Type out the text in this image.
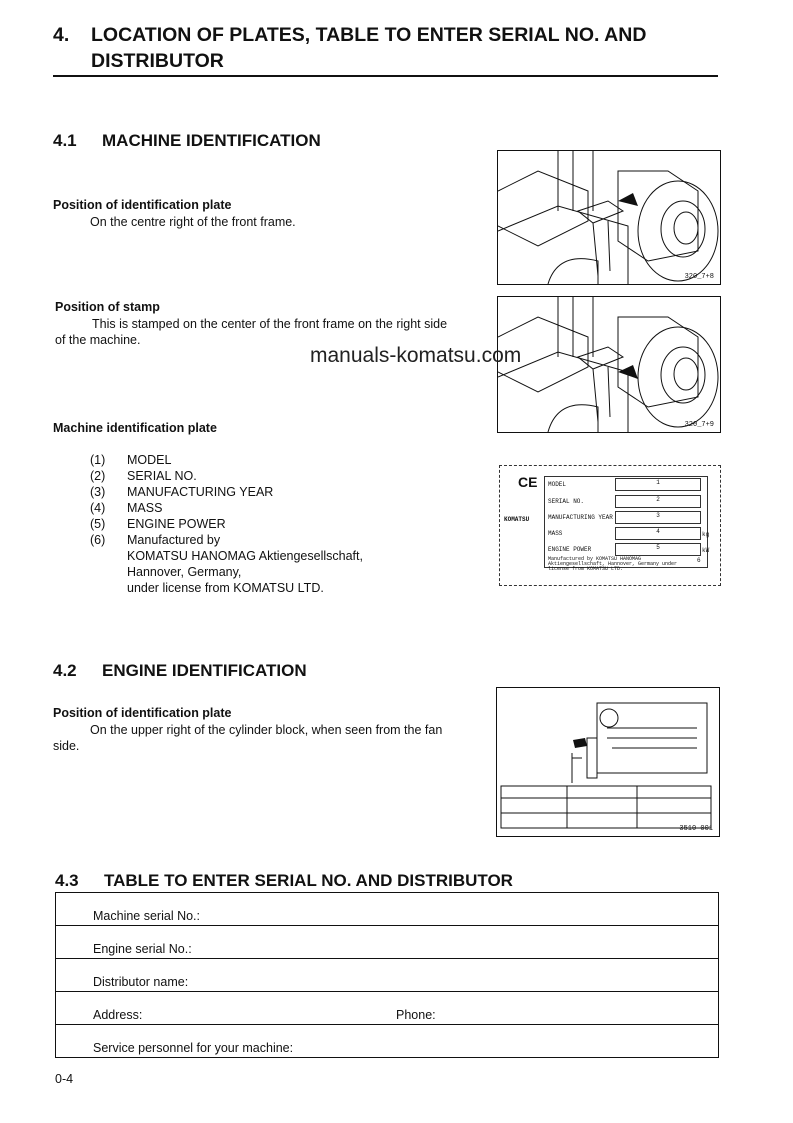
4. LOCATION OF PLATES, TABLE TO ENTER SERIAL NO. AND DISTRIBUTOR
4.1 MACHINE IDENTIFICATION
Position of identification plate
On the centre right of the front frame.
Position of stamp
This is stamped on the center of the front frame on the right side
of the machine.
Machine identification plate
(1) MODEL
(2) SERIAL NO.
(3) MANUFACTURING YEAR
(4) MASS
(5) ENGINE POWER
(6) Manufactured by
KOMATSU HANOMAG Aktiengesellschaft,
Hannover, Germany,
under license from KOMATSU LTD.
320_7+8
320_7+9
manuals-komatsu.com
CE
KOMATSU
MODEL
SERIAL NO.
MANUFACTURING YEAR
MASS
ENGINE POWER
1
2
3
4
5
kg
kW
Manufactured by KOMATSU HANOMAG Aktiengesellschaft, Hannover, Germany under license from KOMATSU LTD.
6
4.2 ENGINE IDENTIFICATION
Position of identification plate
On the upper right of the cylinder block, when seen from the fan
side.
3510-001
4.3 TABLE TO ENTER SERIAL NO. AND DISTRIBUTOR
Machine serial No.:
Engine serial No.:
Distributor name:
Address:	Phone:

Service personnel for your machine:
0-4
